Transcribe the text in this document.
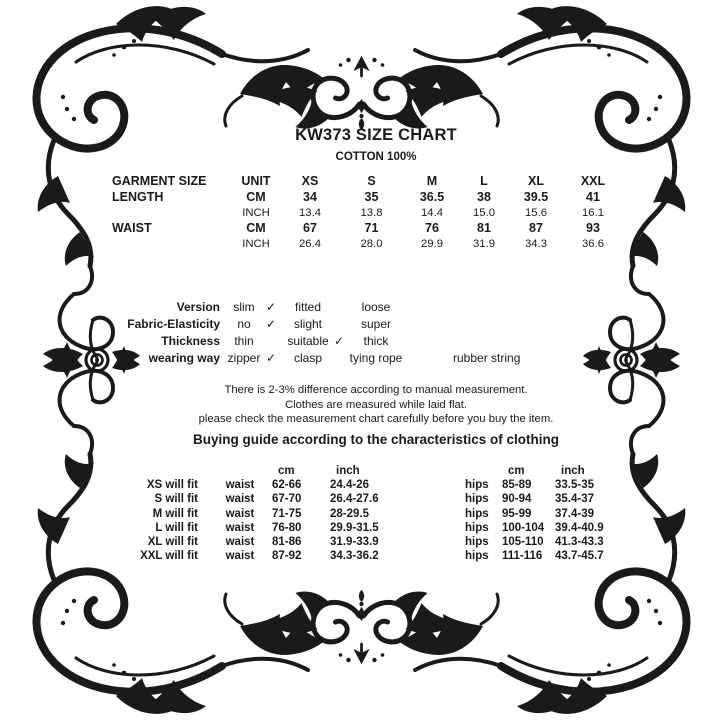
KW373 SIZE CHART
COTTON 100%
GARMENT SIZE	UNIT	XS	S	M	L	XL	XXL
LENGTH	CM	34	35	36.5	38	39.5	41
INCH	13.4	13.8	14.4	15.0	15.6	16.1
WAIST	CM	67	71	76	81	87	93
INCH	26.4	28.0	29.9	31.9	34.3	36.6
Version	slim ✓	fitted	loose
Fabric-Elasticity	no	✓	slight	super
Thickness	thin	suitable ✓	thick
wearing way zipper ✓	clasp	tying rope	rubber string
There is 2-3% difference according to manual measurement.
Clothes are measured while laid flat.
please check the measurement chart carefully before you buy the item.
Buying guide according to the characteristics of clothing
cm	inch	cm	inch
XS will fit	waist	62-66	24.4-26	hips	85-89	33.5-35
S will fit	waist	67-70	26.4-27.6	hips	90-94	35.4-37
M will fit	waist	71-75	28-29.5	hips	95-99	37.4-39
L will fit	waist	76-80	29.9-31.5	hips	100-104 39.4-40.9
XL will fit	waist	81-86	31.9-33.9	hips	105-110 41.3-43.3
XXL will fit	waist	87-92	34.3-36.2	hips	111-116	43.7-45.7
